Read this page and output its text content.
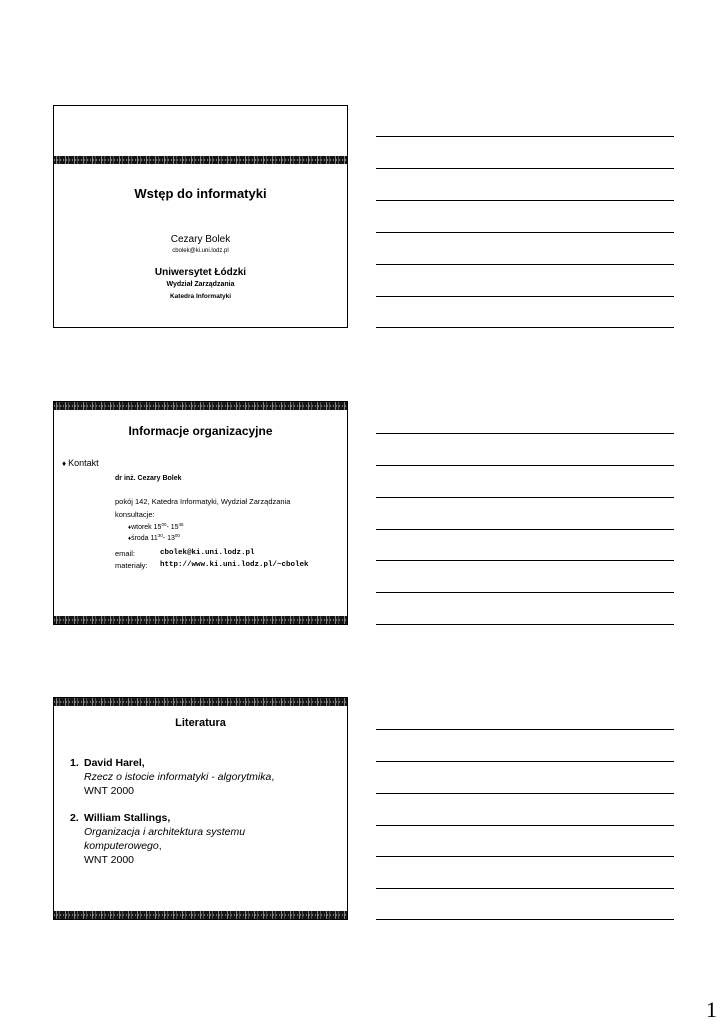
Wstęp do informatyki
Cezary Bolek
cbolek@ki.uni.lodz.pl
Uniwersytet Łódzki
Wydział Zarządzania
Katedra Informatyki
Informacje organizacyjne
♦ Kontakt
dr inż. Cezary Bolek
pokój 142, Katedra Informatyki, Wydział Zarządzania
konsultacje:
♦wtorek $15^{00}-$ $15^{45}$
♦środa $11^{30}-$ $13^{00}$
email:	cbolek@ki.uni.lodz.pl
materiały: http://www.ki.uni.lodz.pl/~cbolek
Literatura
1. David Harel,
Rzecz o istocie informatyki - algorytmika,
WNT 2000
2. William Stallings,
Organizacja i architektura systemu komputerowego,
WNT 2000
1
